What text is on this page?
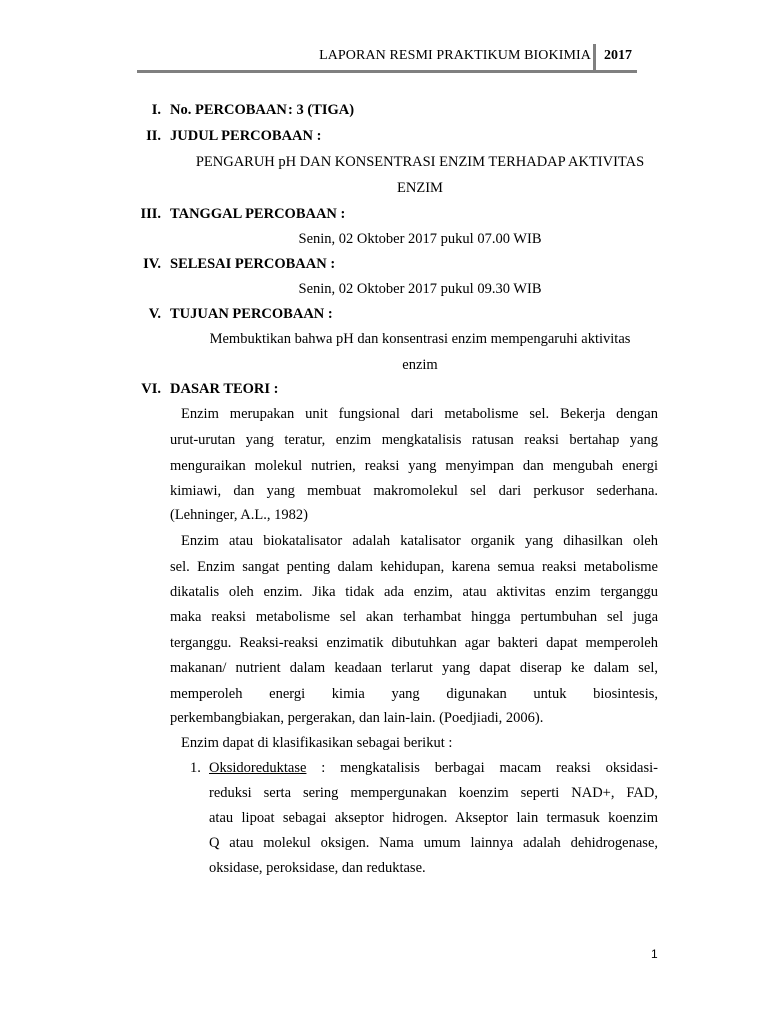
LAPORAN RESMI PRAKTIKUM BIOKIMIA 2017
I. No. PERCOBAAN : 3 (TIGA)
II. JUDUL PERCOBAAN :
PENGARUH pH DAN KONSENTRASI ENZIM TERHADAP AKTIVITAS
ENZIM
III. TANGGAL PERCOBAAN :
Senin, 02 Oktober 2017 pukul 07.00 WIB
IV. SELESAI PERCOBAAN :
Senin, 02 Oktober 2017 pukul 09.30 WIB
V. TUJUAN PERCOBAAN :
Membuktikan bahwa pH dan konsentrasi enzim mempengaruhi aktivitas
enzim
VI. DASAR TEORI :
Enzim merupakan unit fungsional dari metabolisme sel. Bekerja dengan
urut-urutan yang teratur, enzim mengkatalisis ratusan reaksi bertahap yang
menguraikan molekul nutrien, reaksi yang menyimpan dan mengubah energi
kimiawi, dan yang membuat makromolekul sel dari perkusor sederhana.
(Lehninger, A.L., 1982)
Enzim atau biokatalisator adalah katalisator organik yang dihasilkan oleh
sel. Enzim sangat penting dalam kehidupan, karena semua reaksi metabolisme
dikatalis oleh enzim. Jika tidak ada enzim, atau aktivitas enzim terganggu
maka reaksi metabolisme sel akan terhambat hingga pertumbuhan sel juga
terganggu. Reaksi-reaksi enzimatik dibutuhkan agar bakteri dapat memperoleh
makanan/ nutrient dalam keadaan terlarut yang dapat diserap ke dalam sel,
memperoleh energi kimia yang digunakan untuk biosintesis,
perkembangbiakan, pergerakan, dan lain-lain. (Poedjiadi, 2006).
Enzim dapat di klasifikasikan sebagai berikut :
1. Oksidoreduktase : mengkatalisis berbagai macam reaksi oksidasi-
reduksi serta sering mempergunakan koenzim seperti NAD+, FAD,
atau lipoat sebagai akseptor hidrogen. Akseptor lain termasuk koenzim
Q atau molekul oksigen. Nama umum lainnya adalah dehidrogenase,
oksidase, peroksidase, dan reduktase.
1
